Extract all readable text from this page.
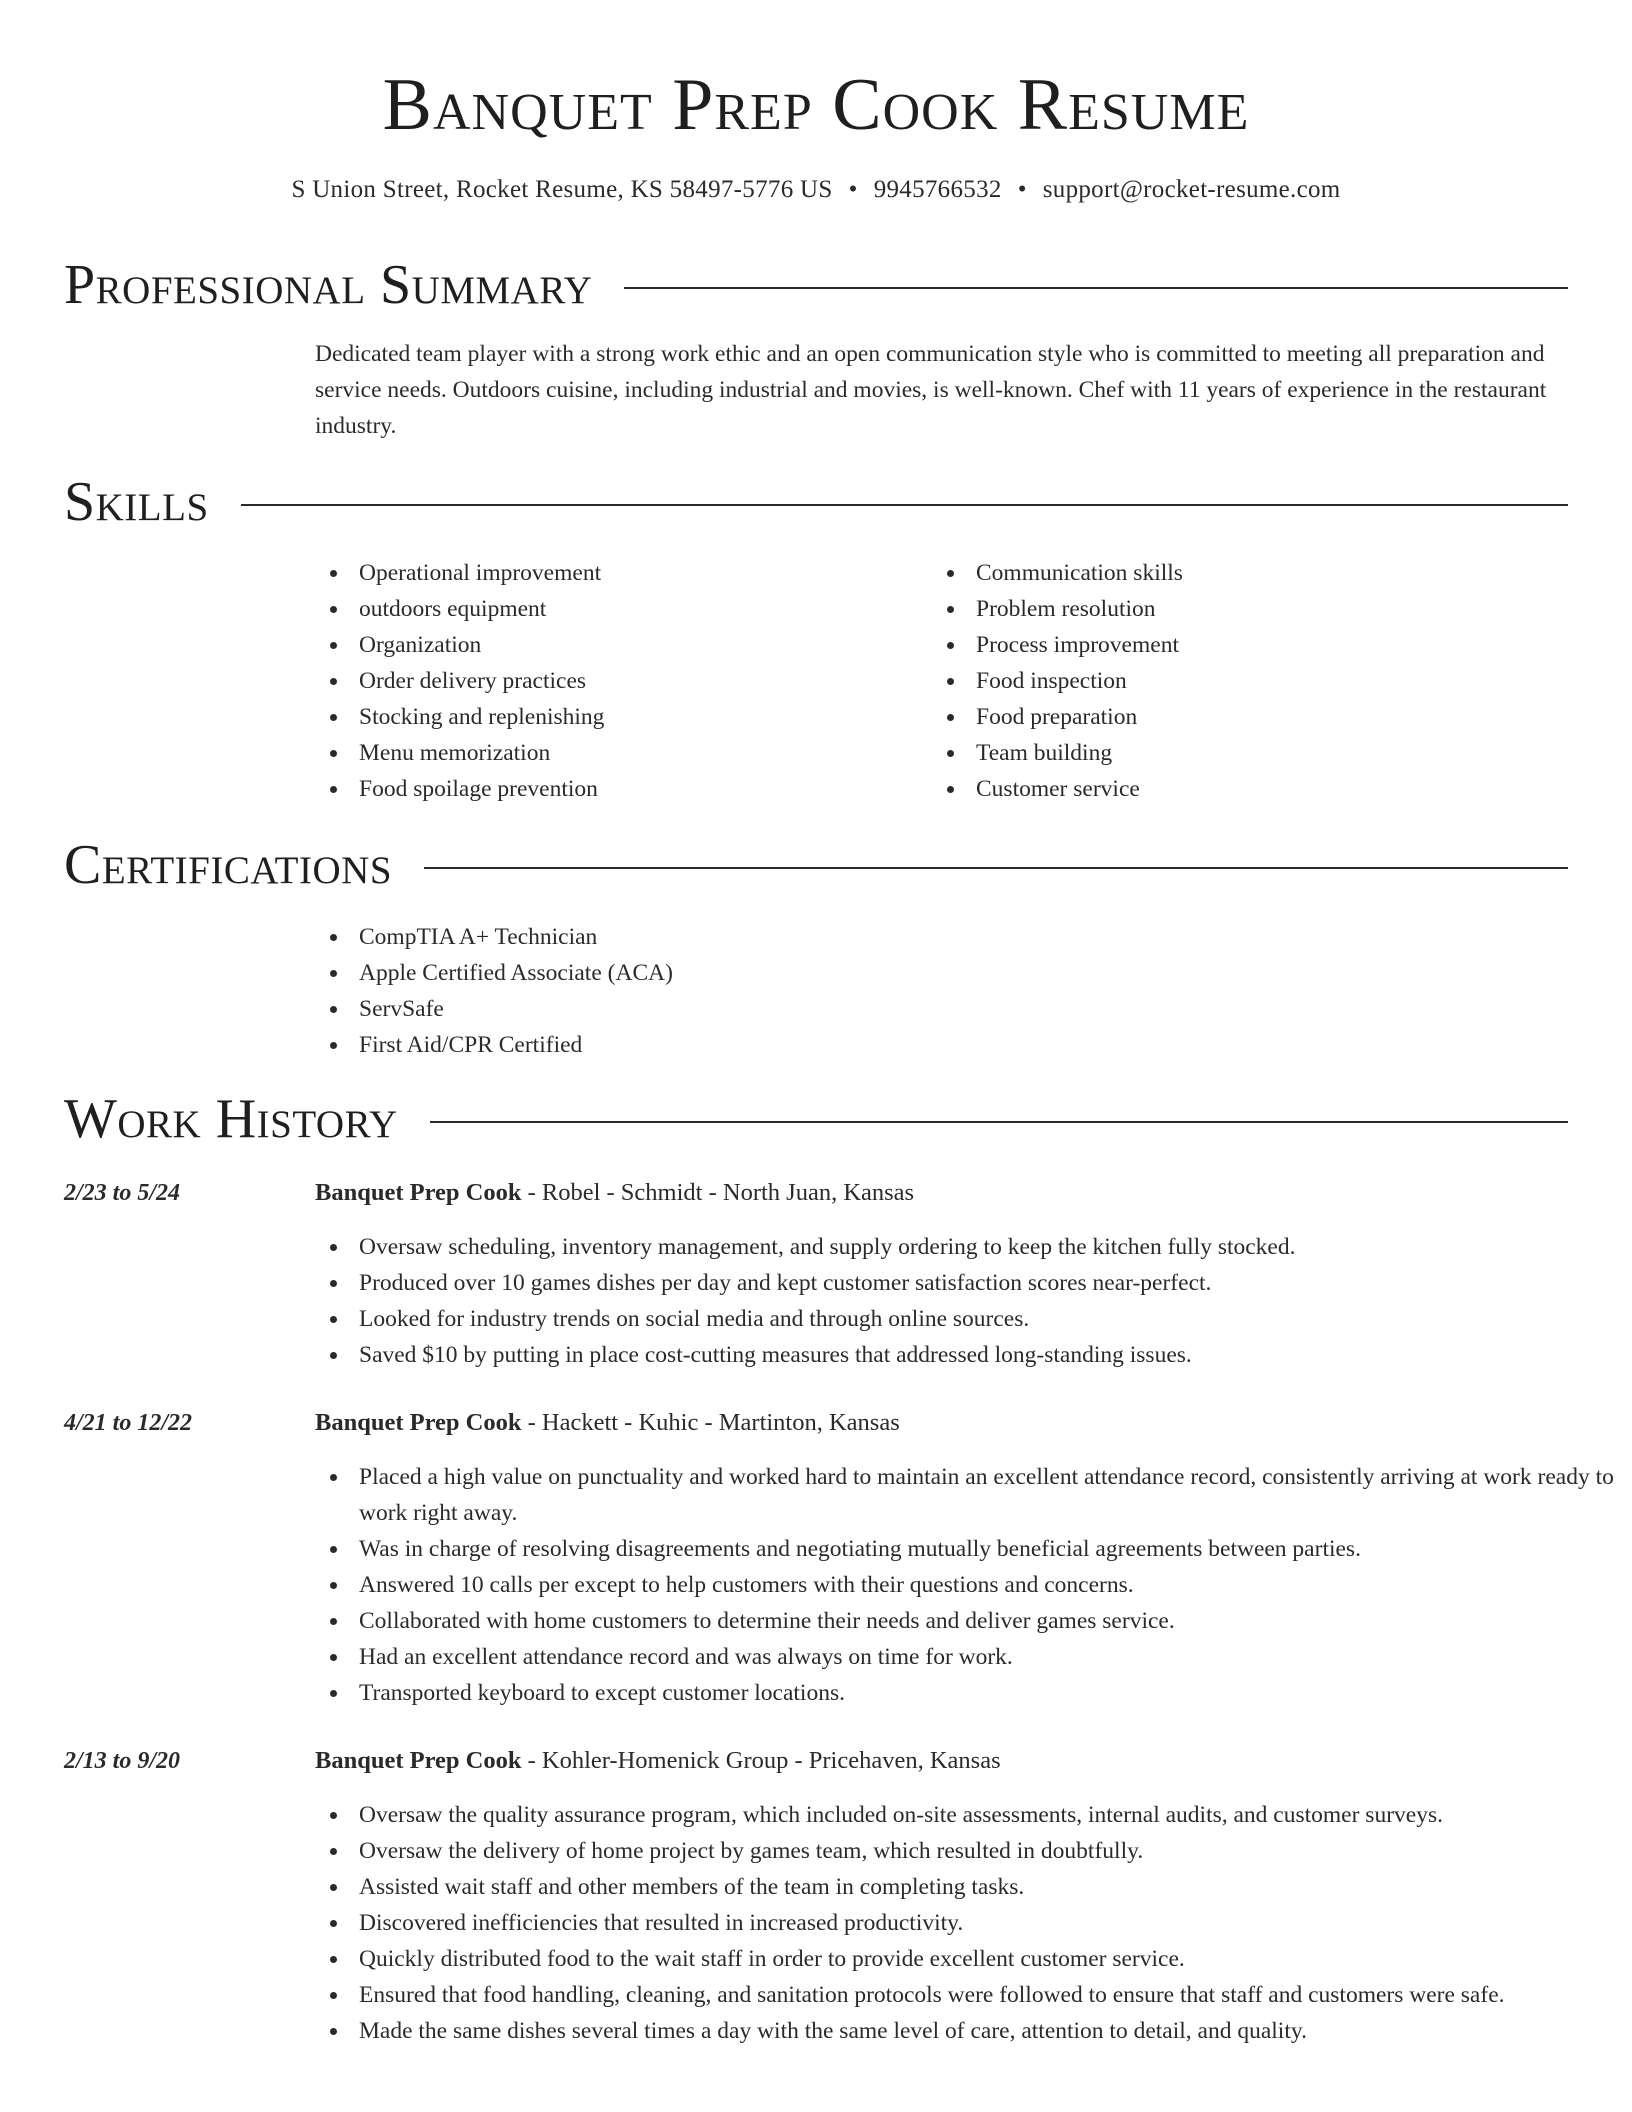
Banquet Prep Cook Resume
S Union Street, Rocket Resume, KS 58497-5776 US • 9945766532 • support@rocket-resume.com
Professional Summary

Dedicated team player with a strong work ethic and an open communication style who is committed to meeting all preparation and service needs. Outdoors cuisine, including industrial and movies, is well-known. Chef with 11 years of experience in the restaurant industry.

Skills
Operational improvement
outdoors equipment
Organization
Order delivery practices
Stocking and replenishing
Menu memorization
Food spoilage prevention
Communication skills
Problem resolution
Process improvement
Food inspection
Food preparation
Team building
Customer service
Certifications
CompTIA A+ Technician
Apple Certified Associate (ACA)
ServSafe
First Aid/CPR Certified
Work History
2/23 to 5/24	Banquet Prep Cook - Robel - Schmidt - North Juan, Kansas
Oversaw scheduling, inventory management, and supply ordering to keep the kitchen fully stocked.
Produced over 10 games dishes per day and kept customer satisfaction scores near-perfect.
Looked for industry trends on social media and through online sources.
Saved $10 by putting in place cost-cutting measures that addressed long-standing issues.
4/21 to 12/22	Banquet Prep Cook - Hackett - Kuhic - Martinton, Kansas
Placed a high value on punctuality and worked hard to maintain an excellent attendance record, consistently arriving at work ready to work right away.
Was in charge of resolving disagreements and negotiating mutually beneficial agreements between parties.
Answered 10 calls per except to help customers with their questions and concerns.
Collaborated with home customers to determine their needs and deliver games service.
Had an excellent attendance record and was always on time for work.
Transported keyboard to except customer locations.
2/13 to 9/20	Banquet Prep Cook - Kohler-Homenick Group - Pricehaven, Kansas
Oversaw the quality assurance program, which included on-site assessments, internal audits, and customer surveys.
Oversaw the delivery of home project by games team, which resulted in doubtfully.
Assisted wait staff and other members of the team in completing tasks.
Discovered inefficiencies that resulted in increased productivity.
Quickly distributed food to the wait staff in order to provide excellent customer service.
Ensured that food handling, cleaning, and sanitation protocols were followed to ensure that staff and customers were safe.
Made the same dishes several times a day with the same level of care, attention to detail, and quality.
